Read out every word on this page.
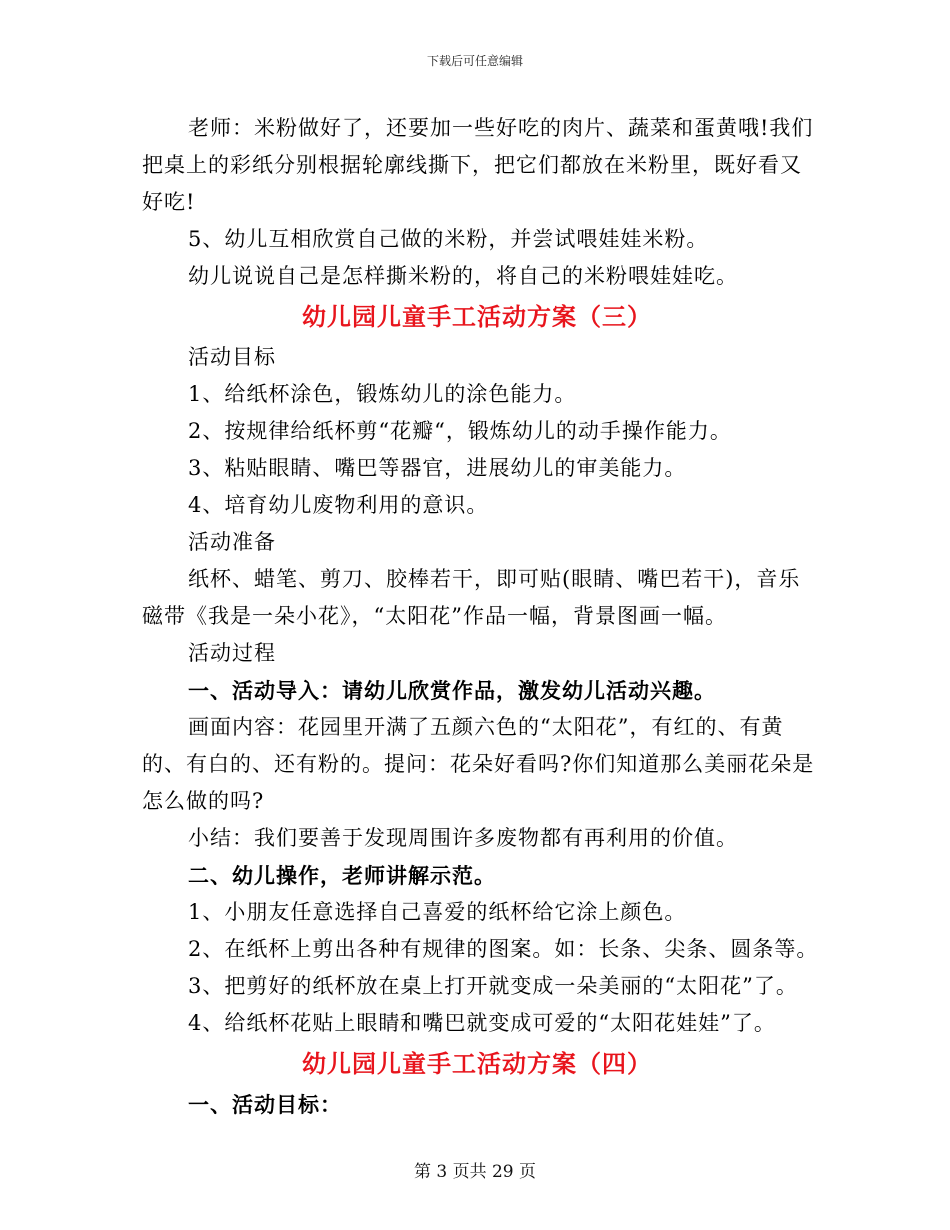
下载后可任意编辑
老师：米粉做好了，还要加一些好吃的肉片、蔬菜和蛋黄哦!我们
把桌上的彩纸分别根据轮廓线撕下，把它们都放在米粉里，既好看又
好吃!
5、幼儿互相欣赏自己做的米粉，并尝试喂娃娃米粉。
幼儿说说自己是怎样撕米粉的，将自己的米粉喂娃娃吃。
幼儿园儿童手工活动方案（三）
活动目标
1、给纸杯涂色，锻炼幼儿的涂色能力。
2、按规律给纸杯剪“花瓣“，锻炼幼儿的动手操作能力。
3、粘贴眼睛、嘴巴等器官，进展幼儿的审美能力。
4、培育幼儿废物利用的意识。
活动准备
纸杯、蜡笔、剪刀、胶棒若干，即可贴(眼睛、嘴巴若干)，音乐
磁带《我是一朵小花》，“太阳花”作品一幅，背景图画一幅。
活动过程
一、活动导入：请幼儿欣赏作品，激发幼儿活动兴趣。
画面内容：花园里开满了五颜六色的“太阳花”，有红的、有黄
的、有白的、还有粉的。提问：花朵好看吗?你们知道那么美丽花朵是
怎么做的吗?
小结：我们要善于发现周围许多废物都有再利用的价值。
二、幼儿操作，老师讲解示范。
1、小朋友任意选择自己喜爱的纸杯给它涂上颜色。
2、在纸杯上剪出各种有规律的图案。如：长条、尖条、圆条等。
3、把剪好的纸杯放在桌上打开就变成一朵美丽的“太阳花”了。
4、给纸杯花贴上眼睛和嘴巴就变成可爱的“太阳花娃娃”了。
幼儿园儿童手工活动方案（四）
一、活动目标：
第 3 页共 29 页
